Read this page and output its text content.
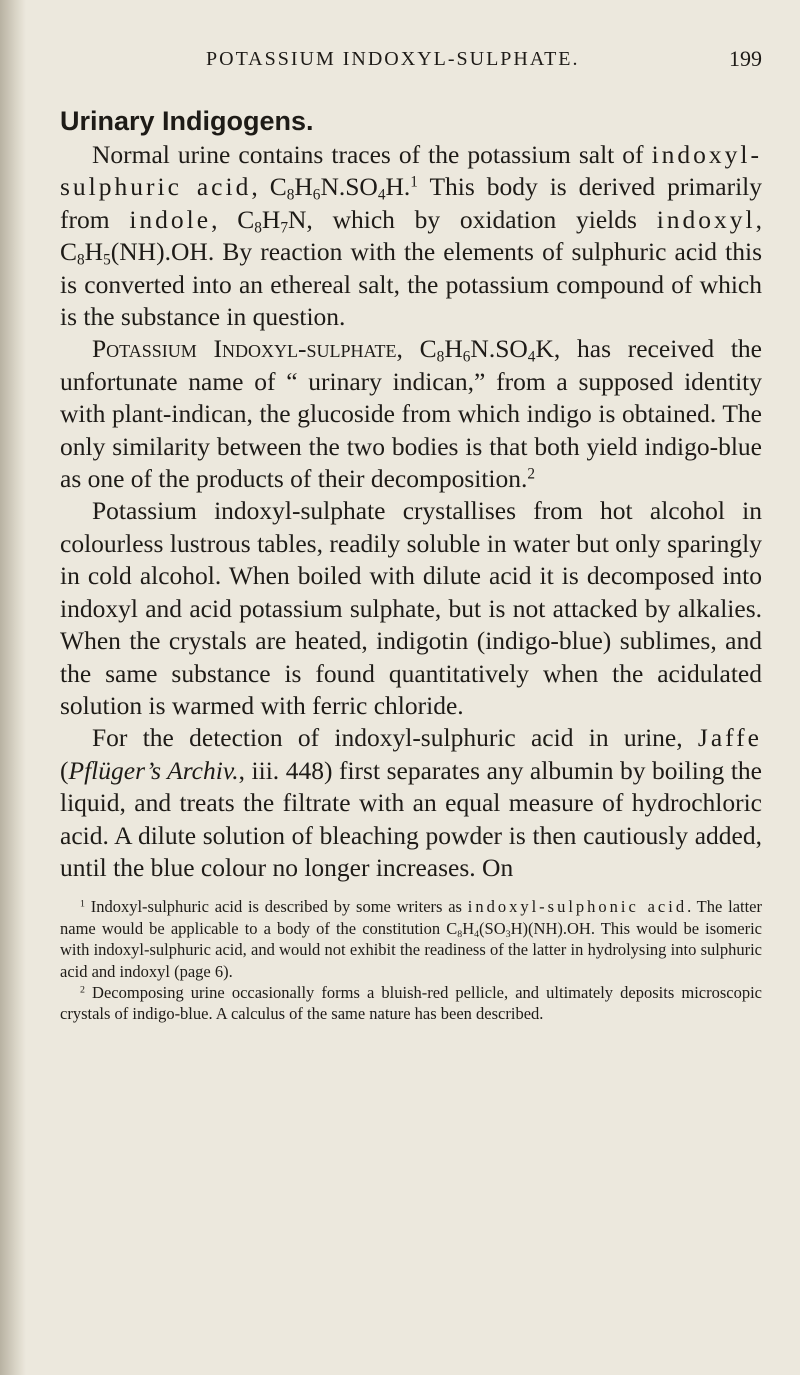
POTASSIUM INDOXYL-SULPHATE.	199
Urinary Indigogens.

Normal urine contains traces of the potassium salt of indoxyl-sulphuric acid, $C_8H_6N.SO_4H.^1$ This body is derived primarily from indole, $C_8H_7N$, which by oxidation yields indoxyl, $C_8H_5(NH).OH$. By reaction with the elements of sulphuric acid this is converted into an ethereal salt, the potassium compound of which is the substance in question.

Potassium Indoxyl-sulphate, $C_8H_6N.SO_4K$, has received the unfortunate name of “ urinary indican,” from a supposed identity with plant-indican, the glucoside from which indigo is obtained. The only similarity between the two bodies is that both yield indigo-blue as one of the products of their decomposition.$^2$

Potassium indoxyl-sulphate crystallises from hot alcohol in colourless lustrous tables, readily soluble in water but only sparingly in cold alcohol. When boiled with dilute acid it is decomposed into indoxyl and acid potassium sulphate, but is not attacked by alkalies. When the crystals are heated, indigotin (indigo-blue) sublimes, and the same substance is found quantitatively when the acidulated solution is warmed with ferric chloride.

For the detection of indoxyl-sulphuric acid in urine, Jaffe (Pflüger’s Archiv., iii. 448) first separates any albumin by boiling the liquid, and treats the filtrate with an equal measure of hydrochloric acid. A dilute solution of bleaching powder is then cautiously added, until the blue colour no longer increases. On

$^1$ Indoxyl-sulphuric acid is described by some writers as indoxyl-sulphonic acid. The latter name would be applicable to a body of the constitution $C_8H_4(SO_3H)(NH).OH$. This would be isomeric with indoxyl-sulphuric acid, and would not exhibit the readiness of the latter in hydrolysing into sulphuric acid and indoxyl (page 6).

$^2$ Decomposing urine occasionally forms a bluish-red pellicle, and ultimately deposits microscopic crystals of indigo-blue. A calculus of the same nature has been described.
